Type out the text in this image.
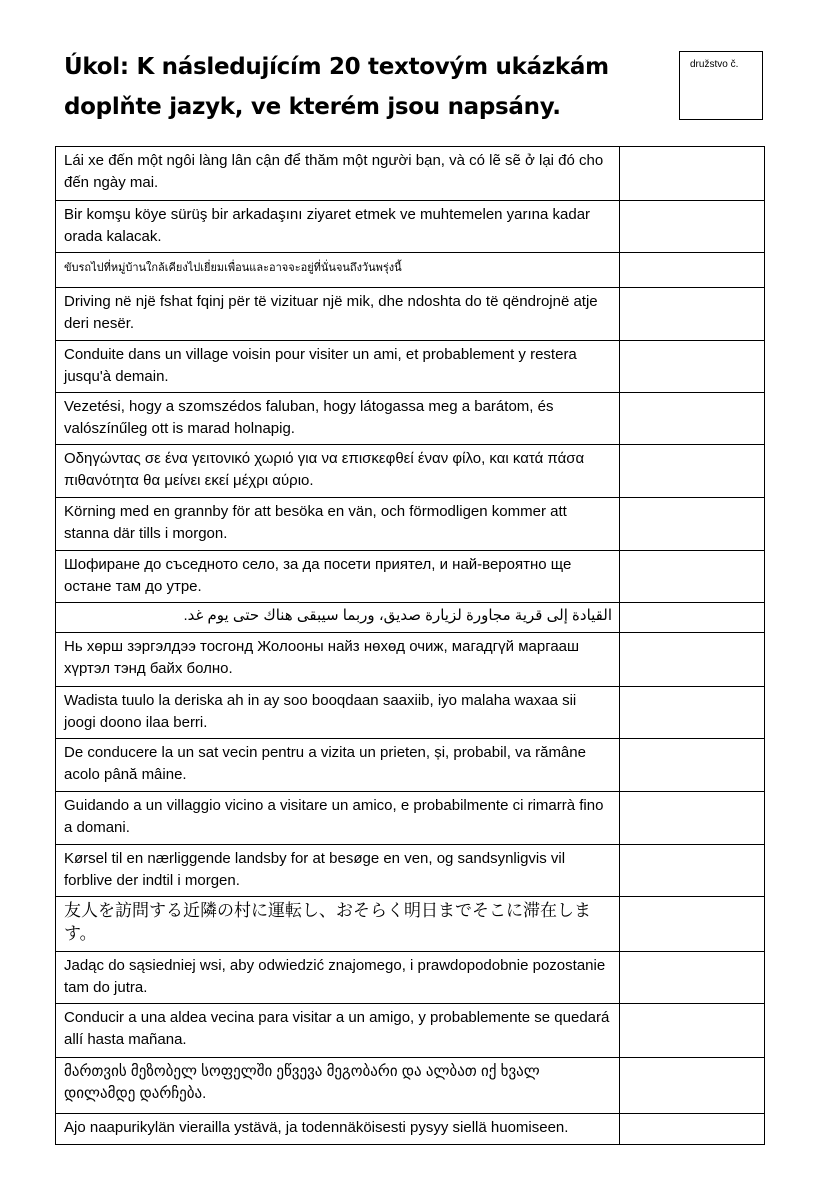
Úkol: K následujícím 20 textovým ukázkám doplňte jazyk, ve kterém jsou napsány.
družstvo č.
Lái xe đến một ngôi làng lân cận để thăm một người bạn, và có lẽ sẽ ở lại đó cho đến ngày mai.	
Bir komşu köye sürüş bir arkadaşını ziyaret etmek ve muhtemelen yarına kadar orada kalacak.	
ขับรถไปที่หมู่บ้านใกล้เคียงไปเยี่ยมเพื่อนและอาจจะอยู่ที่นั่นจนถึงวันพรุ่งนี้	
Driving në një fshat fqinj për të vizituar një mik, dhe ndoshta do të qëndrojnë atje deri nesër.	
Conduite dans un village voisin pour visiter un ami, et probablement y restera jusqu'à demain.	
Vezetési, hogy a szomszédos faluban, hogy látogassa meg a barátom, és valószínűleg ott is marad holnapig.	
Οδηγώντας σε ένα γειτονικό χωριό για να επισκεφθεί έναν φίλο, και κατά πάσα πιθανότητα θα μείνει εκεί μέχρι αύριο.	
Körning med en grannby för att besöka en vän, och förmodligen kommer att stanna där tills i morgon.	
Шофиране до съседното село, за да посети приятел, и най-вероятно ще остане там до утре.	
القيادة إلى قرية مجاورة لزيارة صديق، وربما سيبقى هناك حتى يوم غد.	
Нь хөрш зэргэлдээ тосгонд Жолооны найз нөхөд очиж, магадгүй маргааш хүртэл тэнд байх болно.	
Wadista tuulo la deriska ah in ay soo booqdaan saaxiib, iyo malaha waxaa sii joogi doono ilaa berri.	
De conducere la un sat vecin pentru a vizita un prieten, și, probabil, va rămâne acolo până mâine.	
Guidando a un villaggio vicino a visitare un amico, e probabilmente ci rimarrà fino a domani.	
Kørsel til en nærliggende landsby for at besøge en ven, og sandsynligvis vil forblive der indtil i morgen.	
友人を訪問する近隣の村に運転し、おそらく明日までそこに滞在します。	
Jadąc do sąsiedniej wsi, aby odwiedzić znajomego, i prawdopodobnie pozostanie tam do jutra.	
Conducir a una aldea vecina para visitar a un amigo, y probablemente se quedará allí hasta mañana.	
მართვის მეზობელ სოფელში ეწვევა მეგობარი და ალბათ იქ ხვალ დილამდე დარჩება.	
Ajo naapurikylän vierailla ystävä, ja todennäköisesti pysyy siellä huomiseen.	
